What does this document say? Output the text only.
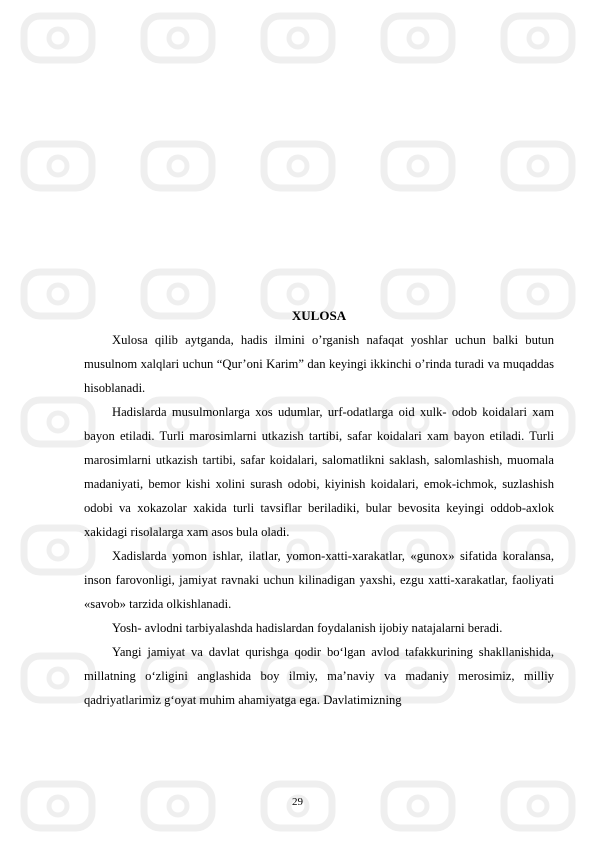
XULOSA

Xulosa qilib aytganda, hadis ilmini o’rganish nafaqat yoshlar uchun balki butun musulnom xalqlari uchun “Qur’oni Karim” dan keyingi ikkinchi o’rinda turadi va muqaddas hisoblanadi.

Hadislarda musulmonlarga xos udumlar, urf-odatlarga oid xulk- odob koidalari xam bayon etiladi. Turli marosimlarni utkazish tartibi, safar koidalari xam bayon etiladi. Turli marosimlarni utkazish tartibi, safar koidalari, salomatlikni saklash, salomlashish, muomala madaniyati, bemor kishi xolini surash odobi, kiyinish koidalari, emok-ichmok, suzlashish odobi va xokazolar xakida turli tavsiflar beriladiki, bular bevosita keyingi oddob-axlok xakidagi risolalarga xam asos bula oladi.

Xadislarda yomon ishlar, ilatlar, yomon-xatti-xarakatlar, «gunox» sifatida koralansa, inson farovonligi, jamiyat ravnaki uchun kilinadigan yaxshi, ezgu xatti-xarakatlar, faoliyati «savob» tarzida olkishlanadi.

Yosh- avlodni tarbiyalashda hadislardan foydalanish ijobiy natajalarni beradi.

Yangi jamiyat va davlat qurishga qodir bo‘lgan avlod tafakkurining shakllanishida, millatning o‘zligini anglashida boy ilmiy, ma’naviy va madaniy merosimiz, milliy qadriyatlarimiz g‘oyat muhim ahamiyatga ega. Davlatimizning

29
